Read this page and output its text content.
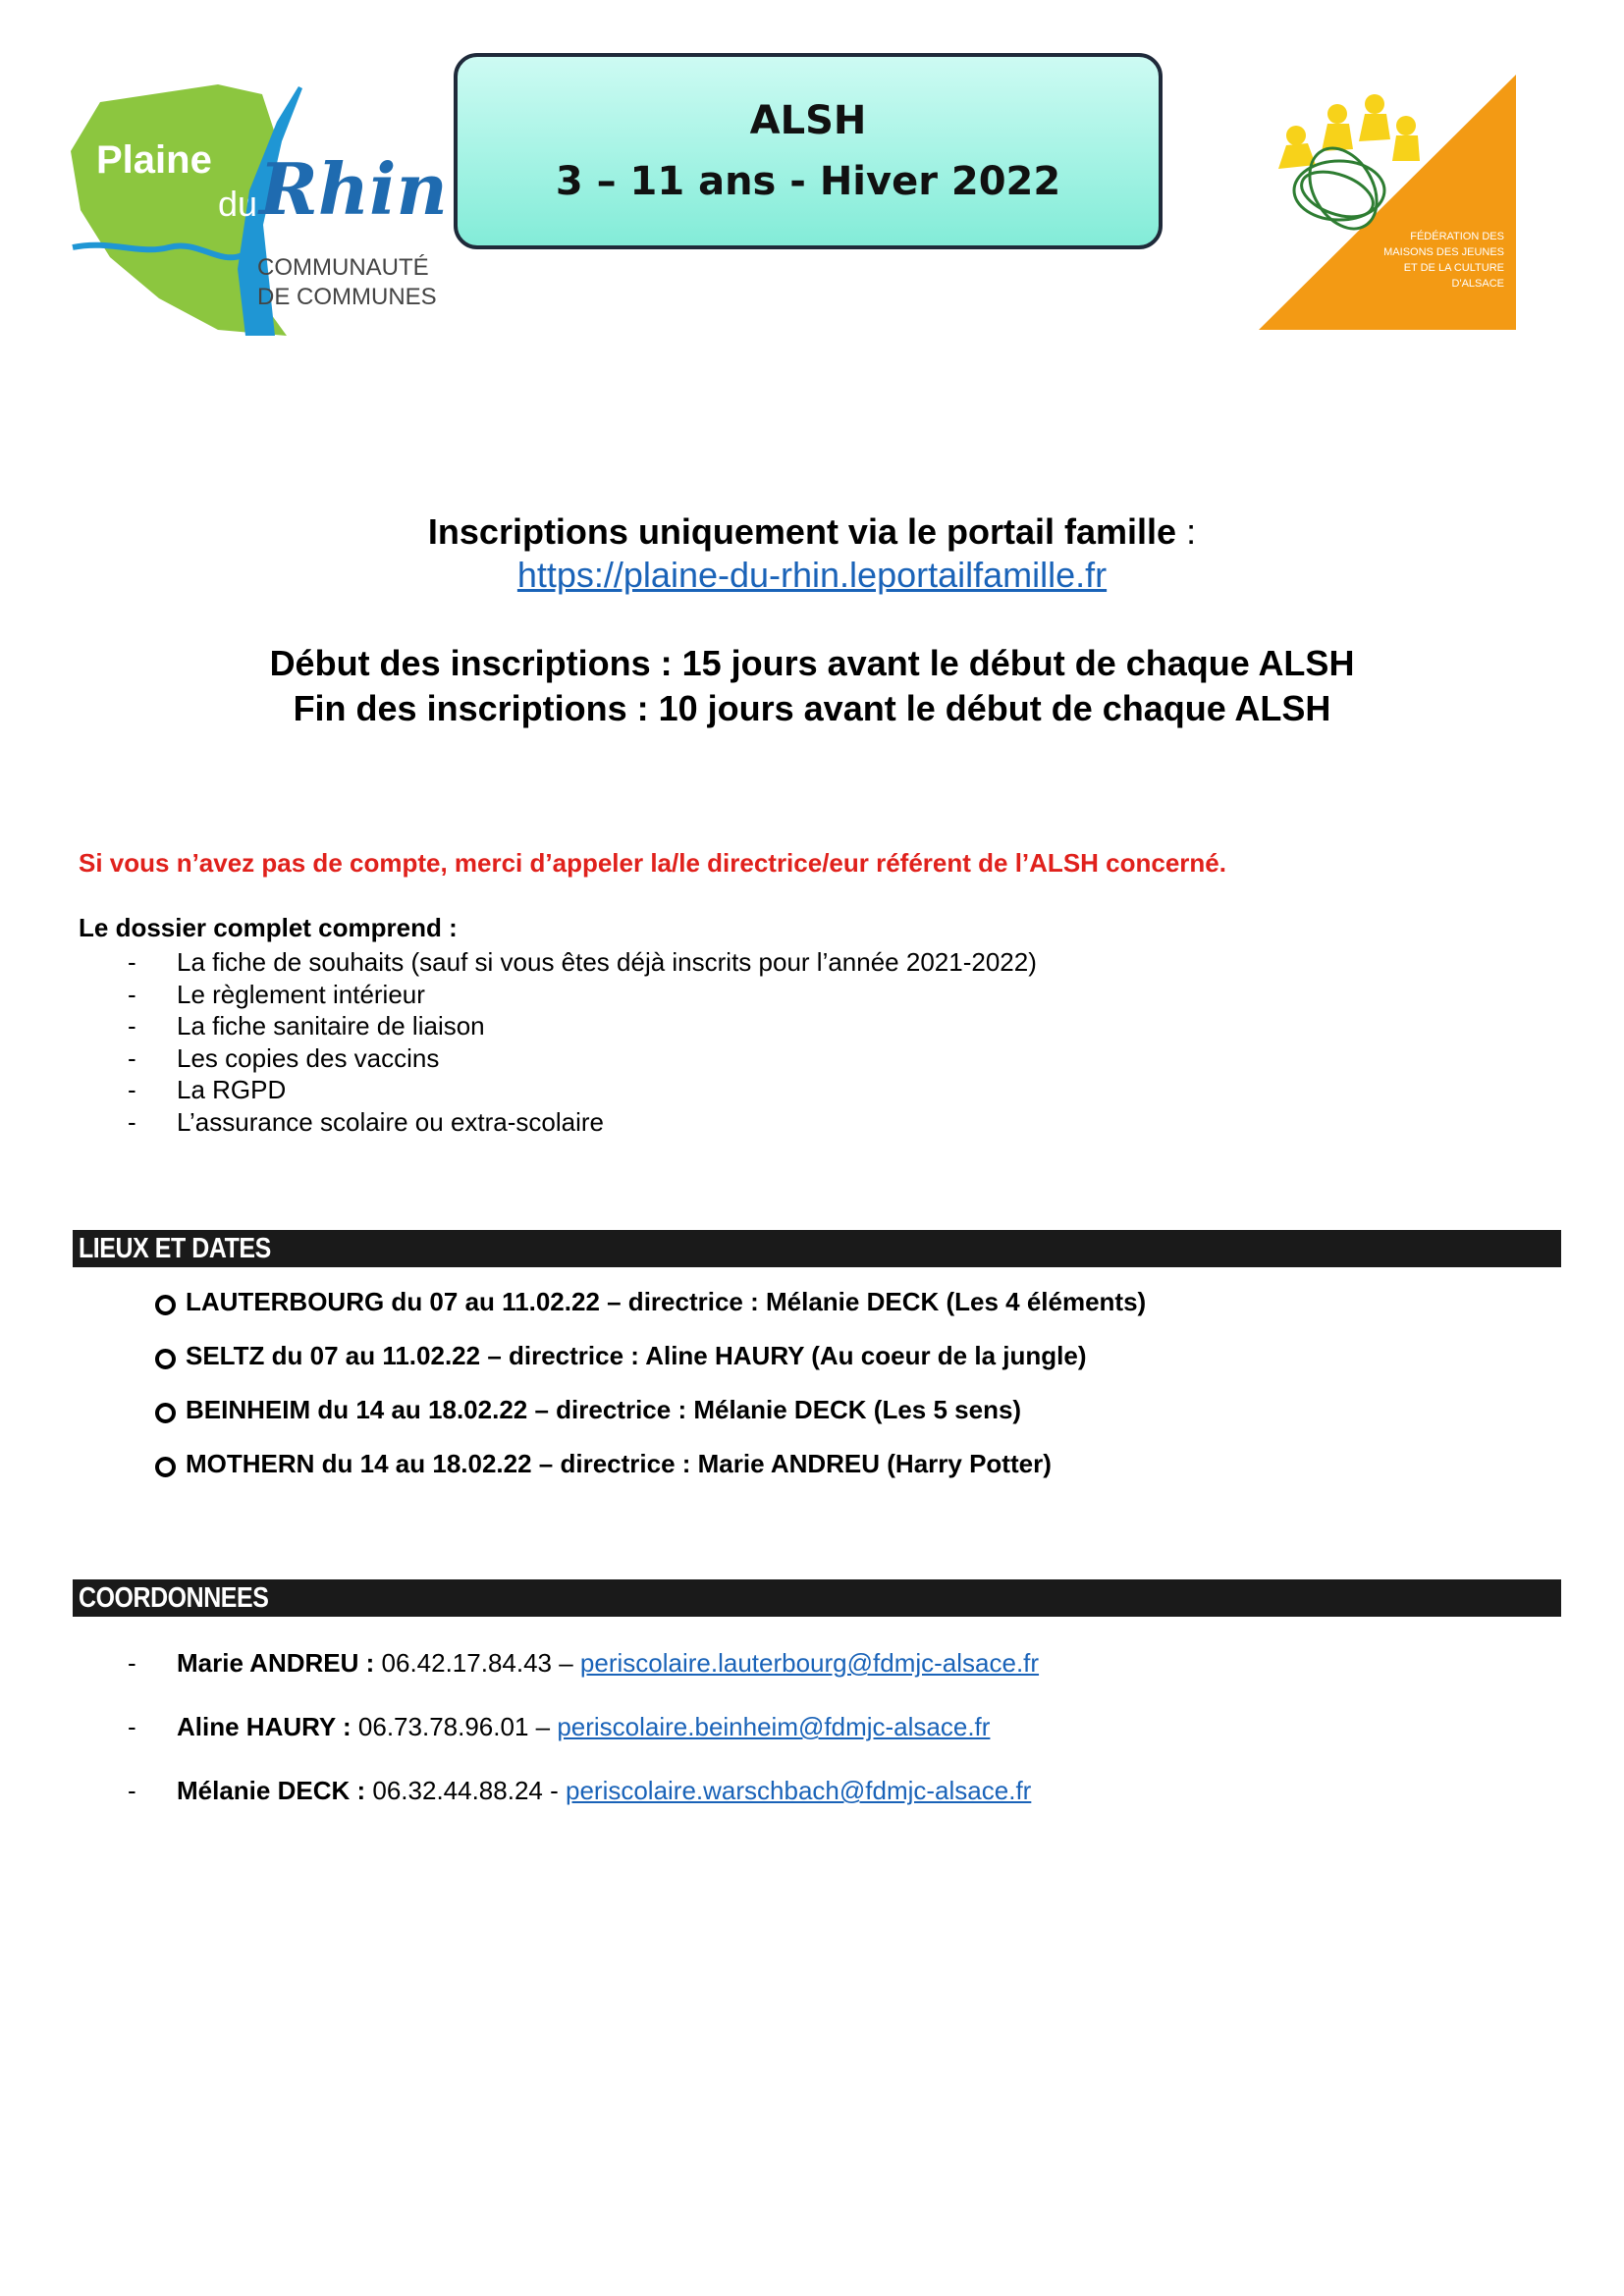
Plaine
du Rhin
COMMUNAUTÉ
DE COMMUNES
ALSH
3 – 11 ans - Hiver 2022
FÉDÉRATION DES
MAISONS DES JEUNES
ET DE LA CULTURE
D'ALSACE
Inscriptions uniquement via le portail famille :
https://plaine-du-rhin.leportailfamille.fr
Début des inscriptions : 15 jours avant le début de chaque ALSH
Fin des inscriptions : 10 jours avant le début de chaque ALSH
Si vous n’avez pas de compte, merci d’appeler la/le directrice/eur référent de l’ALSH concerné.
Le dossier complet comprend :
- La fiche de souhaits (sauf si vous êtes déjà inscrits pour l’année 2021-2022)
- Le règlement intérieur
- La fiche sanitaire de liaison
- Les copies des vaccins
- La RGPD
- L’assurance scolaire ou extra-scolaire
LIEUX ET DATES
LAUTERBOURG du 07 au 11.02.22 – directrice : Mélanie DECK (Les 4 éléments)
SELTZ du 07 au 11.02.22 – directrice : Aline HAURY (Au coeur de la jungle)
BEINHEIM du 14 au 18.02.22 – directrice : Mélanie DECK (Les 5 sens)
MOTHERN du 14 au 18.02.22 – directrice : Marie ANDREU (Harry Potter)
COORDONNEES
- Marie ANDREU : 06.42.17.84.43 – periscolaire.lauterbourg@fdmjc-alsace.fr
- Aline HAURY : 06.73.78.96.01 – periscolaire.beinheim@fdmjc-alsace.fr
- Mélanie DECK : 06.32.44.88.24 - periscolaire.warschbach@fdmjc-alsace.fr
